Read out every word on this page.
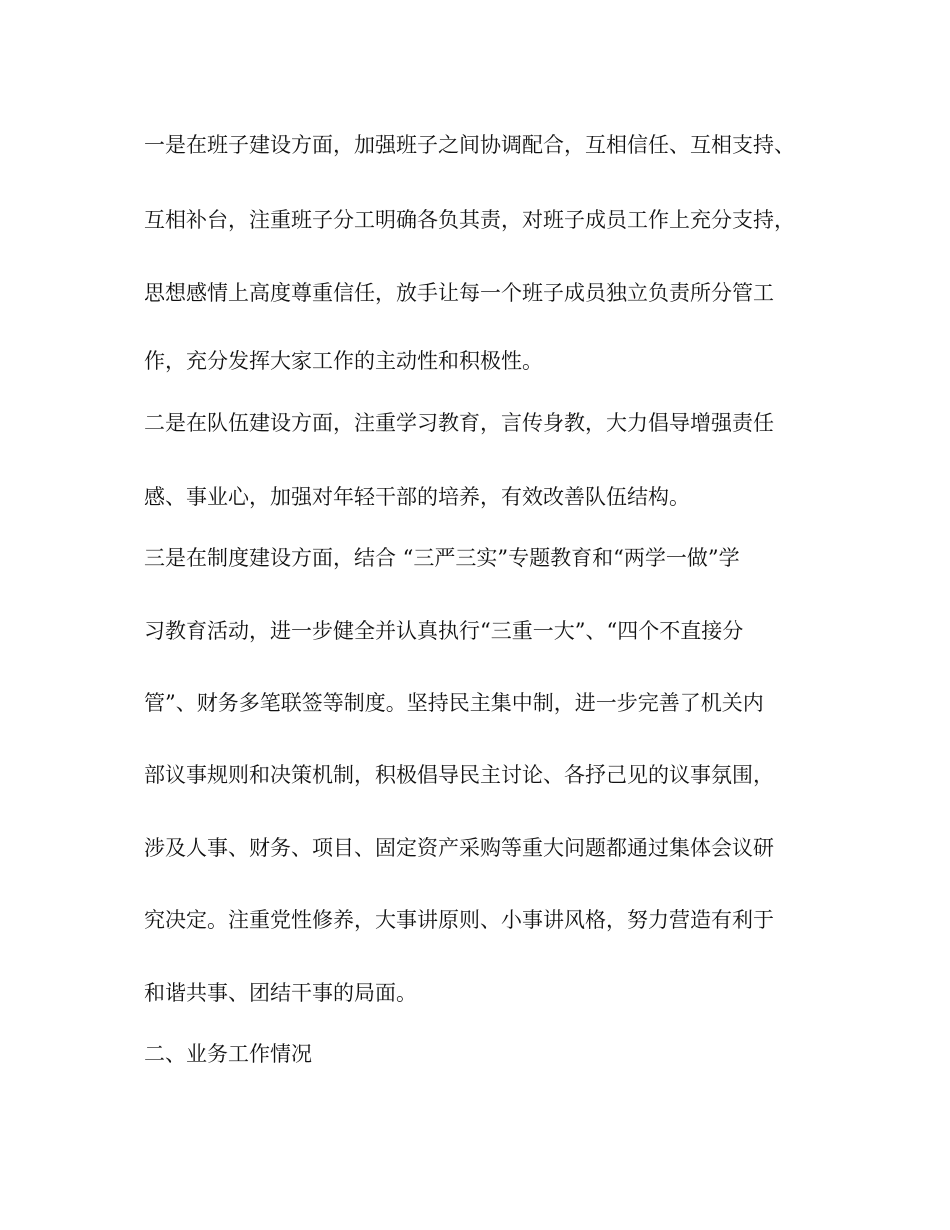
一是在班子建设方面，加强班子之间协调配合，互相信任、互相支持、
互相补台，注重班子分工明确各负其责，对班子成员工作上充分支持，
思想感情上高度尊重信任，放手让每一个班子成员独立负责所分管工
作，充分发挥大家工作的主动性和积极性。
二是在队伍建设方面，注重学习教育，言传身教，大力倡导增强责任
感、事业心，加强对年轻干部的培养，有效改善队伍结构。
三是在制度建设方面，结合 “三严三实”专题教育和“两学一做”学
习教育活动，进一步健全并认真执行“三重一大”、“四个不直接分
管”、财务多笔联签等制度。坚持民主集中制，进一步完善了机关内
部议事规则和决策机制，积极倡导民主讨论、各抒己见的议事氛围，
涉及人事、财务、项目、固定资产采购等重大问题都通过集体会议研
究决定。注重党性修养，大事讲原则、小事讲风格，努力营造有利于
和谐共事、团结干事的局面。
二、业务工作情况
